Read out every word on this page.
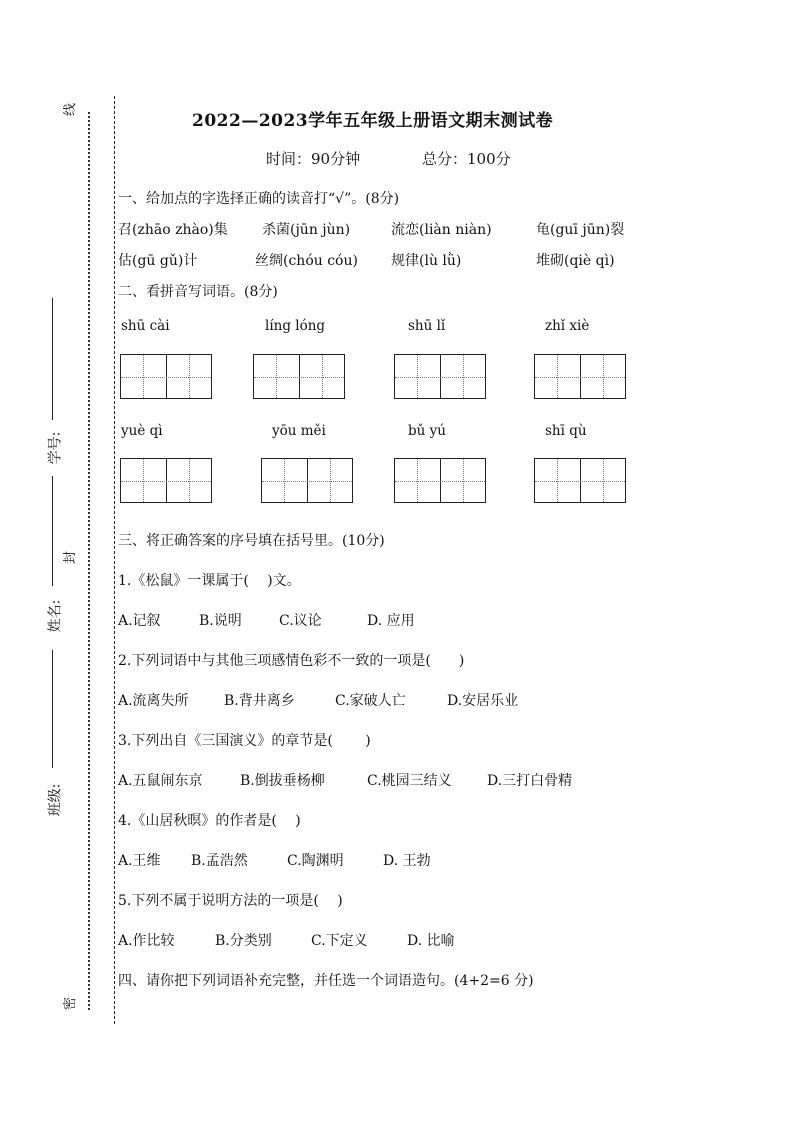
线
封
密
学号:
姓名:
班级:
2022—2023学年五年级上册语文期末测试卷
时间：90分钟	总分：100分
一、给加点的字选择正确的读音打“√”。(8分)
召(zhāo zhào)集 杀菌(jūn jùn)	流恋(liàn niàn)	龟(guī jūn)裂
估(gū gǔ)计	丝绸(chóu cóu) 规律(lù lǜ)	堆砌(qiè qì)
二、看拼音写词语。(8分)
shū cài	líng lóng	shū lǐ	zhǐ xiè
yuè qì	yōu měi	bǔ yú	shī qù
三、将正确答案的序号填在括号里。(10分)
1.《松鼠》一课属于(　 )文。
A.记叙	B.说明	C.议论	D. 应用
2.下列词语中与其他三项感情色彩不一致的一项是(　　)
A.流离失所	B.背井离乡	C.家破人亡	D.安居乐业
3.下列出自《三国演义》的章节是(　　 )
A.五鼠闹东京	B.倒拔垂杨柳	C.桃园三结义	D.三打白骨精
4.《山居秋暝》的作者是(　 )
A.王维 B.孟浩然	C.陶渊明	D. 王勃
5.下列不属于说明方法的一项是(　 )
A.作比较	B.分类别	C.下定义	D. 比喻
四、请你把下列词语补充完整，并任选一个词语造句。(4+2=6 分)
